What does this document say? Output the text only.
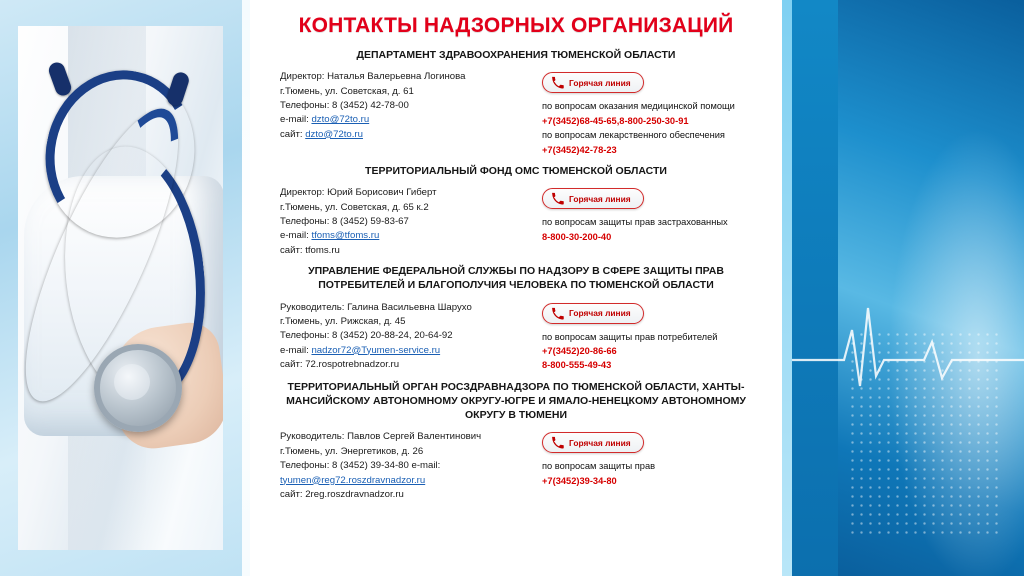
КОНТАКТЫ НАДЗОРНЫХ ОРГАНИЗАЦИЙ
ДЕПАРТАМЕНТ ЗДРАВООХРАНЕНИЯ ТЮМЕНСКОЙ ОБЛАСТИ
Директор: Наталья Валерьевна Логинова
г.Тюмень, ул. Советская, д. 61
Телефоны: 8 (3452) 42-78-00
e-mail: dzto@72to.ru
сайт: dzto@72to.ru
Горячая линия
по вопросам оказания медицинской помощи
+7(3452)68-45-65,8-800-250-30-91
по вопросам лекарственного обеспечения
+7(3452)42-78-23
ТЕРРИТОРИАЛЬНЫЙ ФОНД ОМС ТЮМЕНСКОЙ ОБЛАСТИ
Директор: Юрий Борисович Гиберт
г.Тюмень, ул. Советская, д. 65 к.2
Телефоны: 8 (3452) 59-83-67
e-mail: tfoms@tfoms.ru
сайт: tfoms.ru
Горячая линия
по вопросам защиты прав застрахованных
8-800-30-200-40
УПРАВЛЕНИЕ ФЕДЕРАЛЬНОЙ СЛУЖБЫ ПО НАДЗОРУ В СФЕРЕ ЗАЩИТЫ ПРАВ ПОТРЕБИТЕЛЕЙ И БЛАГОПОЛУЧИЯ ЧЕЛОВЕКА ПО ТЮМЕНСКОЙ ОБЛАСТИ
Руководитель: Галина Васильевна Шарухо
г.Тюмень, ул. Рижская, д. 45
Телефоны: 8 (3452) 20-88-24, 20-64-92
e-mail: nadzor72@Tyumen-service.ru
сайт: 72.rospotrebnadzor.ru
Горячая линия
по вопросам защиты прав потребителей
+7(3452)20-86-66
8-800-555-49-43
ТЕРРИТОРИАЛЬНЫЙ ОРГАН РОСЗДРАВНАДЗОРА ПО ТЮМЕНСКОЙ ОБЛАСТИ, ХАНТЫ-МАНСИЙСКОМУ АВТОНОМНОМУ ОКРУГУ-ЮГРЕ И ЯМАЛО-НЕНЕЦКОМУ АВТОНОМНОМУ ОКРУГУ В ТЮМЕНИ
Руководитель: Павлов Сергей Валентинович
г.Тюмень, ул. Энергетиков, д. 26
Телефоны: 8 (3452) 39-34-80 e-mail:
tyumen@reg72.roszdravnadzor.ru
сайт: 2reg.roszdravnadzor.ru
Горячая линия
по вопросам защиты прав
+7(3452)39-34-80
